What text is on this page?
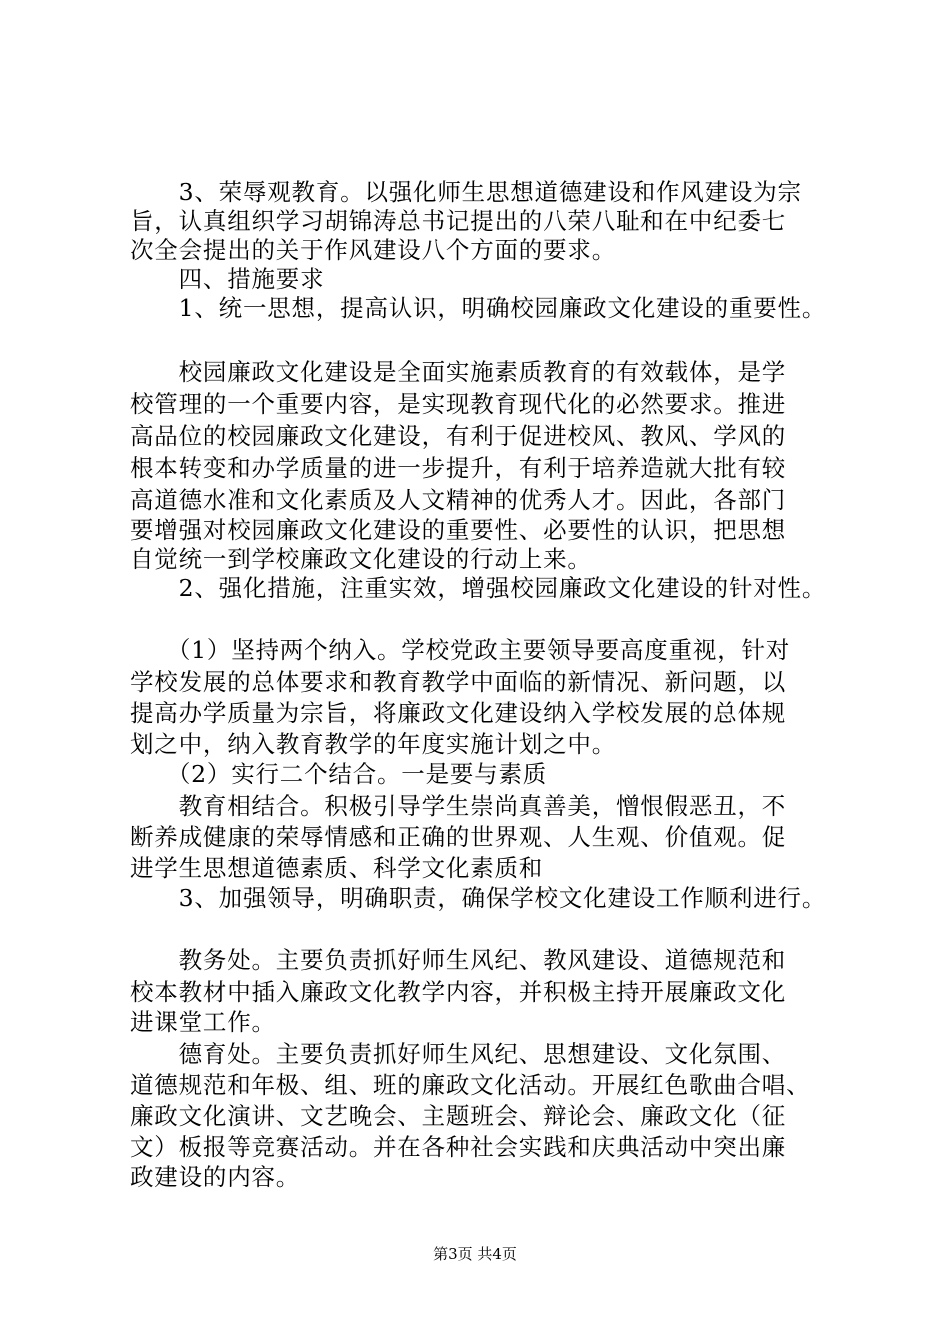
　　3、荣辱观教育。以强化师生思想道德建设和作风建设为宗
旨，认真组织学习胡锦涛总书记提出的八荣八耻和在中纪委七
次全会提出的关于作风建设八个方面的要求。
　　四、措施要求
　　1、统一思想，提高认识，明确校园廉政文化建设的重要性。
　　校园廉政文化建设是全面实施素质教育的有效载体，是学
校管理的一个重要内容，是实现教育现代化的必然要求。推进
高品位的校园廉政文化建设，有利于促进校风、教风、学风的
根本转变和办学质量的进一步提升，有利于培养造就大批有较
高道德水准和文化素质及人文精神的优秀人才。因此，各部门
要增强对校园廉政文化建设的重要性、必要性的认识，把思想
自觉统一到学校廉政文化建设的行动上来。
　　2、强化措施，注重实效，增强校园廉政文化建设的针对性。
　　（1）坚持两个纳入。学校党政主要领导要高度重视，针对
学校发展的总体要求和教育教学中面临的新情况、新问题，以
提高办学质量为宗旨，将廉政文化建设纳入学校发展的总体规
划之中，纳入教育教学的年度实施计划之中。
　　（2）实行二个结合。一是要与素质
　　教育相结合。积极引导学生崇尚真善美，憎恨假恶丑，不
断养成健康的荣辱情感和正确的世界观、人生观、价值观。促
进学生思想道德素质、科学文化素质和
　　3、加强领导，明确职责，确保学校文化建设工作顺利进行。
　　教务处。主要负责抓好师生风纪、教风建设、道德规范和
校本教材中插入廉政文化教学内容，并积极主持开展廉政文化
进课堂工作。
　　德育处。主要负责抓好师生风纪、思想建设、文化氛围、
道德规范和年极、组、班的廉政文化活动。开展红色歌曲合唱、
廉政文化演讲、文艺晚会、主题班会、辩论会、廉政文化（征
文）板报等竞赛活动。并在各种社会实践和庆典活动中突出廉
政建设的内容。
第3页 共4页
